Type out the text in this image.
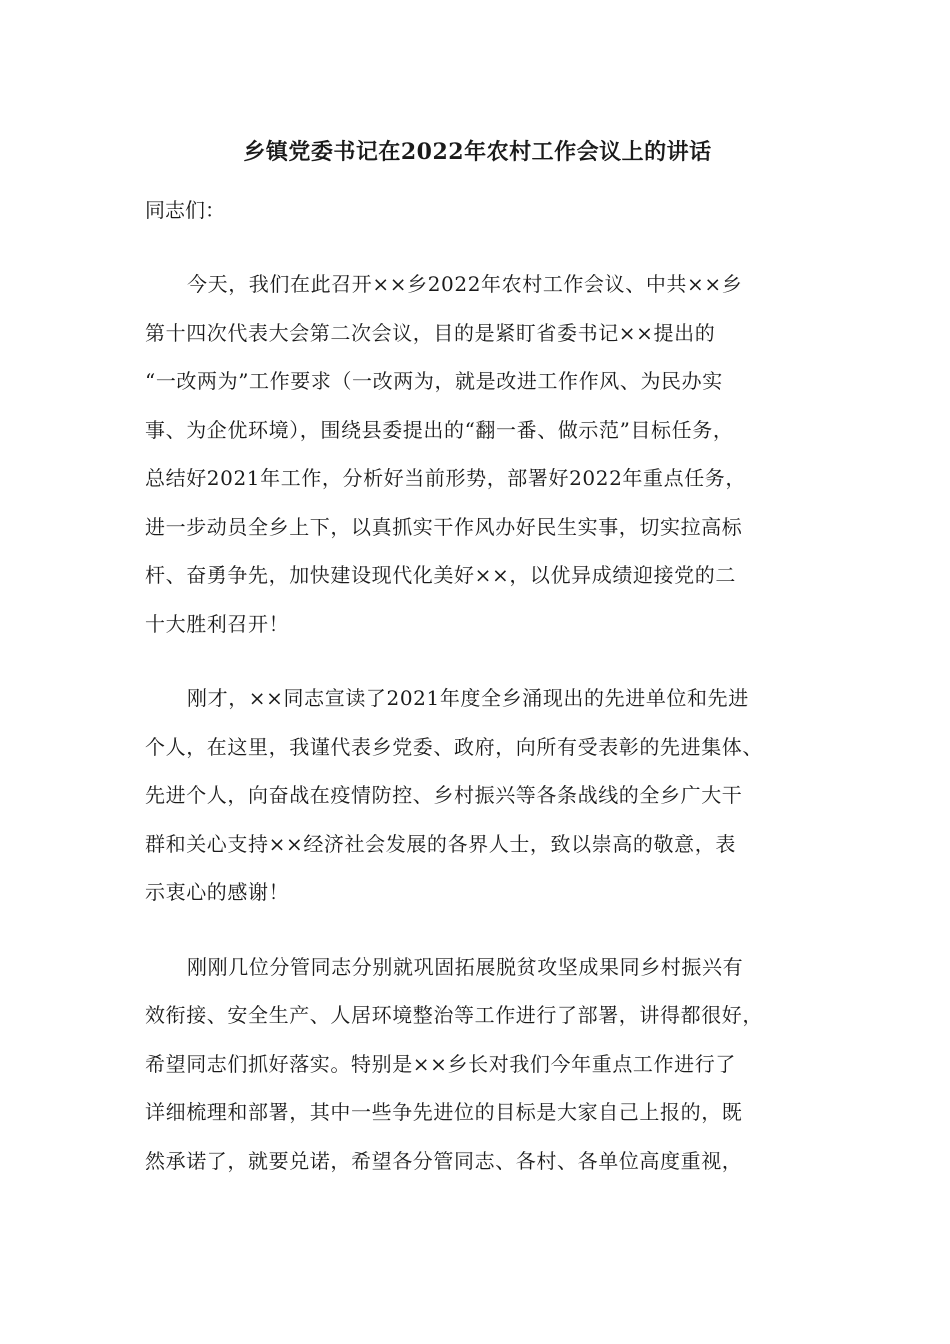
乡镇党委书记在2022年农村工作会议上的讲话

同志们：

今天，我们在此召开××乡2022年农村工作会议、中共××乡
第十四次代表大会第二次会议，目的是紧盯省委书记××提出的
“一改两为”工作要求（一改两为，就是改进工作作风、为民办实
事、为企优环境），围绕县委提出的“翻一番、做示范”目标任务，
总结好2021年工作，分析好当前形势，部署好2022年重点任务，
进一步动员全乡上下，以真抓实干作风办好民生实事，切实拉高标
杆、奋勇争先，加快建设现代化美好××，以优异成绩迎接党的二
十大胜利召开！
刚才，××同志宣读了2021年度全乡涌现出的先进单位和先进
个人，在这里，我谨代表乡党委、政府，向所有受表彰的先进集体、
先进个人，向奋战在疫情防控、乡村振兴等各条战线的全乡广大干
群和关心支持××经济社会发展的各界人士，致以崇高的敬意，表
示衷心的感谢！
刚刚几位分管同志分别就巩固拓展脱贫攻坚成果同乡村振兴有
效衔接、安全生产、人居环境整治等工作进行了部署，讲得都很好，
希望同志们抓好落实。特别是××乡长对我们今年重点工作进行了
详细梳理和部署，其中一些争先进位的目标是大家自己上报的，既
然承诺了，就要兑诺，希望各分管同志、各村、各单位高度重视，
